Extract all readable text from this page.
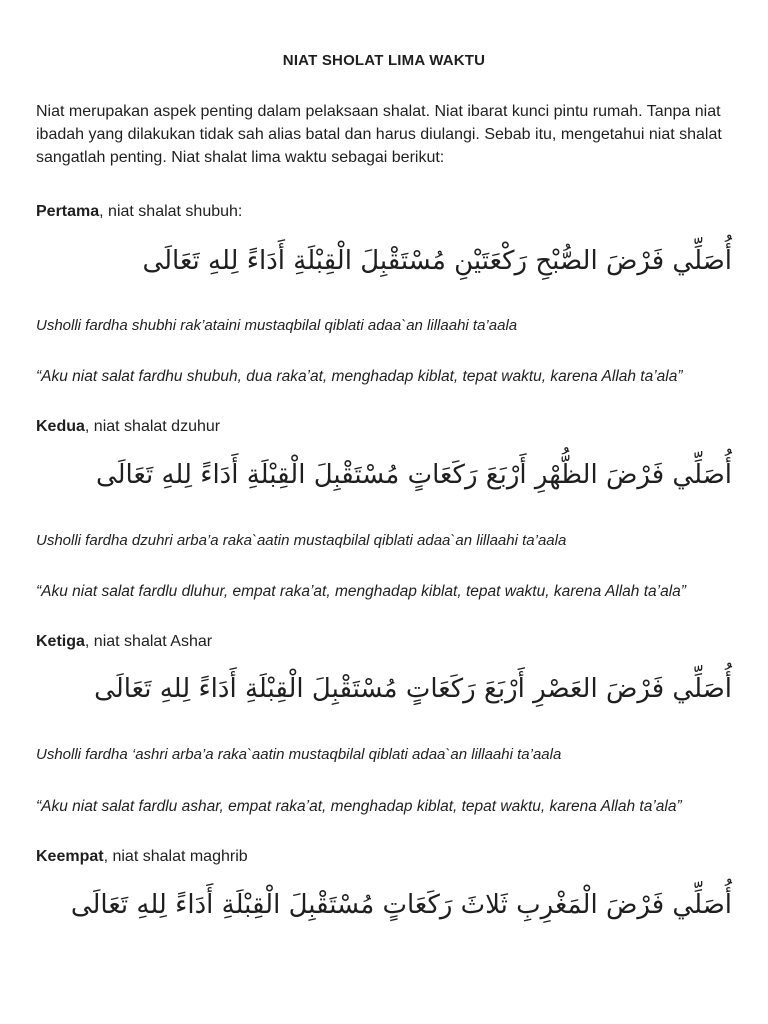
NIAT SHOLAT LIMA WAKTU

Niat merupakan aspek penting dalam pelaksaan shalat. Niat ibarat kunci pintu rumah. Tanpa niat ibadah yang dilakukan tidak sah alias batal dan harus diulangi. Sebab itu, mengetahui niat shalat sangatlah penting. Niat shalat lima waktu sebagai berikut:

Pertama, niat shalat shubuh:

أُصَلِّي فَرْضَ الصُّبْحِ رَكْعَتَيْنِ مُسْتَقْبِلَ الْقِبْلَةِ أَدَاءً لِلهِ تَعَالَى

Usholli fardha shubhi rak’ataini mustaqbilal qiblati adaa`an lillaahi ta’aala

“Aku niat salat fardhu shubuh, dua raka’at, menghadap kiblat, tepat waktu, karena Allah ta’ala”

Kedua, niat shalat dzuhur

أُصَلِّي فَرْضَ الظُّهْرِ أَرْبَعَ رَكَعَاتٍ مُسْتَقْبِلَ الْقِبْلَةِ أَدَاءً لِلهِ تَعَالَى

Usholli fardha dzuhri arba’a raka`aatin mustaqbilal qiblati adaa`an lillaahi ta’aala

“Aku niat salat fardlu dluhur, empat raka’at, menghadap kiblat, tepat waktu, karena Allah ta’ala”

Ketiga, niat shalat Ashar

أُصَلِّي فَرْضَ العَصْرِ أَرْبَعَ رَكَعَاتٍ مُسْتَقْبِلَ الْقِبْلَةِ أَدَاءً لِلهِ تَعَالَى

Usholli fardha ‘ashri arba’a raka`aatin mustaqbilal qiblati adaa`an lillaahi ta’aala

“Aku niat salat fardlu ashar, empat raka’at, menghadap kiblat, tepat waktu, karena Allah ta’ala”

Keempat, niat shalat maghrib

أُصَلِّي فَرْضَ الْمَغْرِبِ ثَلاثَ رَكَعَاتٍ مُسْتَقْبِلَ الْقِبْلَةِ أَدَاءً لِلهِ تَعَالَى
